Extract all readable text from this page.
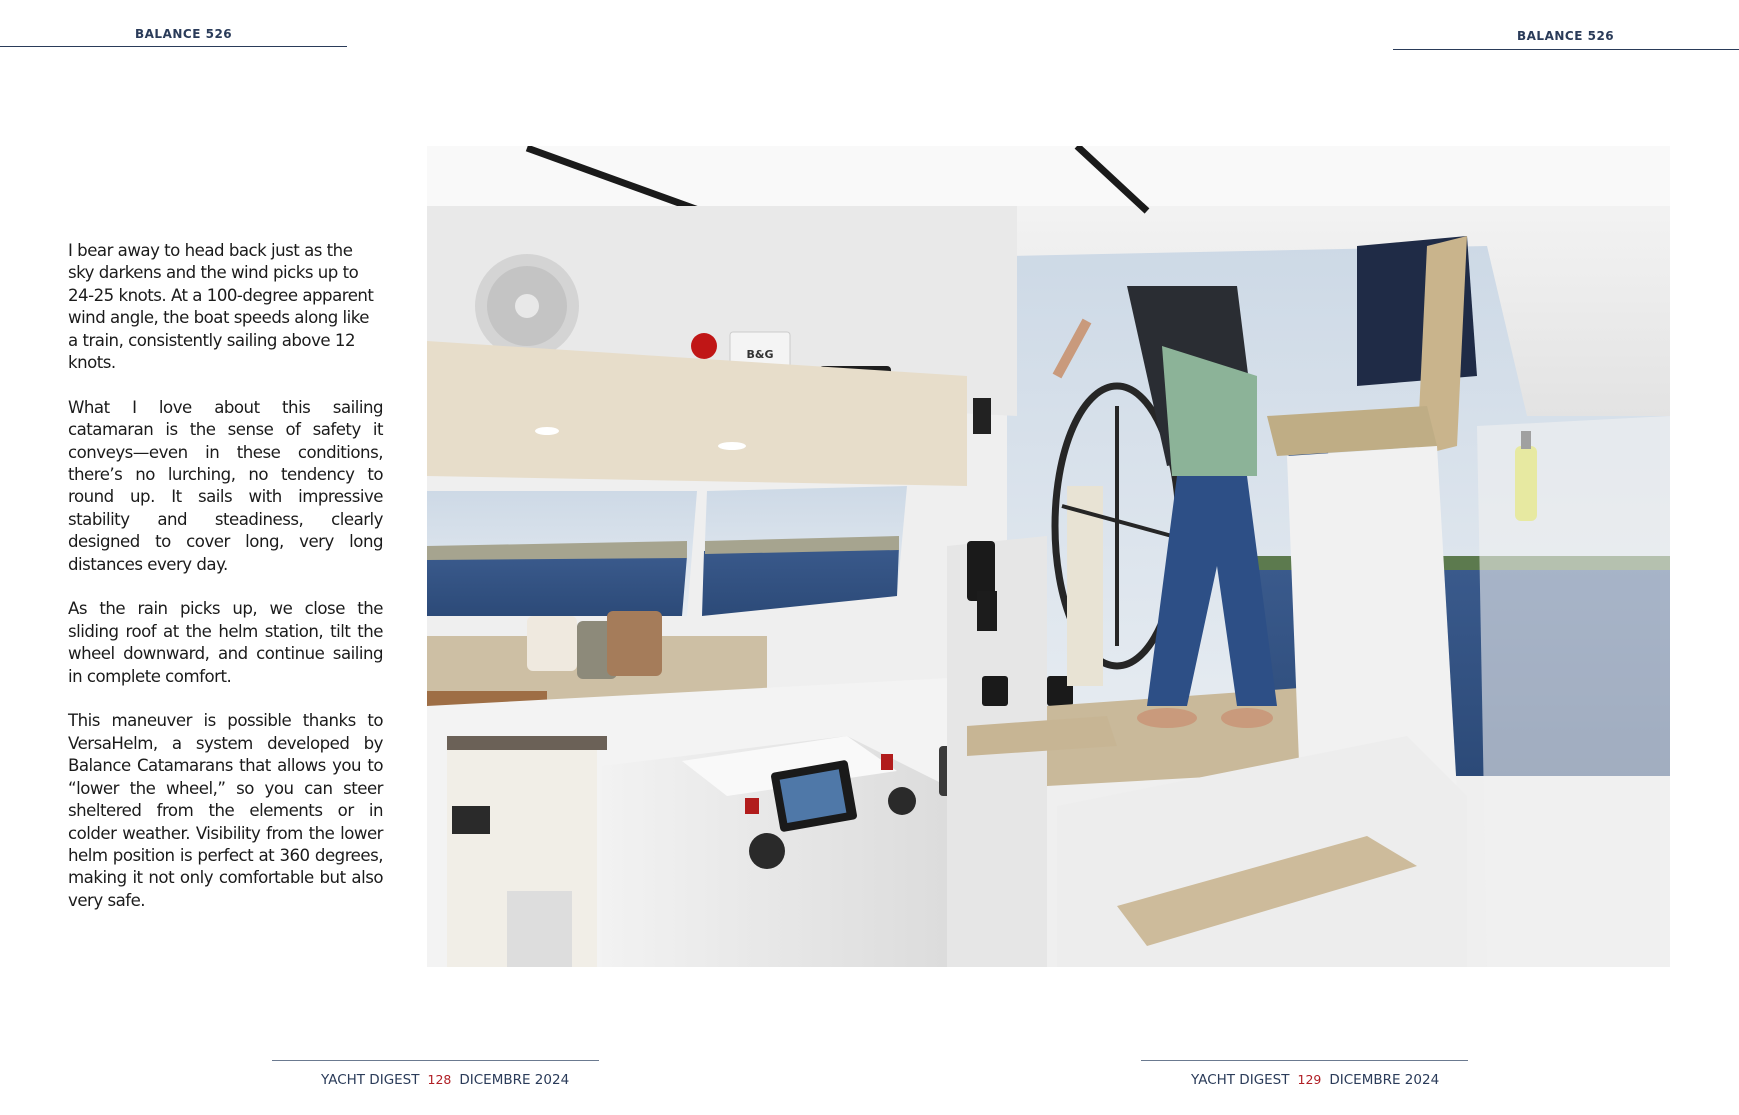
BALANCE 526	BALANCE 526

I bear away to head back just as the sky darkens and the wind picks up to 24-25 knots. At a 100-degree apparent wind angle, the boat speeds along like a train, consistently sailing above 12 knots.

What I love about this sailing catamaran is the sense of safety it conveys—even in these conditions, there’s no lurching, no tendency to round up. It sails with impressive stability and steadiness, clearly designed to cover long, very long distances every day.

As the rain picks up, we close the sliding roof at the helm station, tilt the wheel downward, and continue sailing in complete comfort.

This maneuver is possible thanks to VersaHelm, a system developed by Balance Catamarans that allows you to “lower the wheel,” so you can steer sheltered from the elements or in colder weather. Visibility from the lower helm position is perfect at 360 degrees, making it not only comfortable but also very safe.

B&G
YACHT DIGEST 128 DICEMBRE 2024	YACHT DIGEST 129 DICEMBRE 2024
